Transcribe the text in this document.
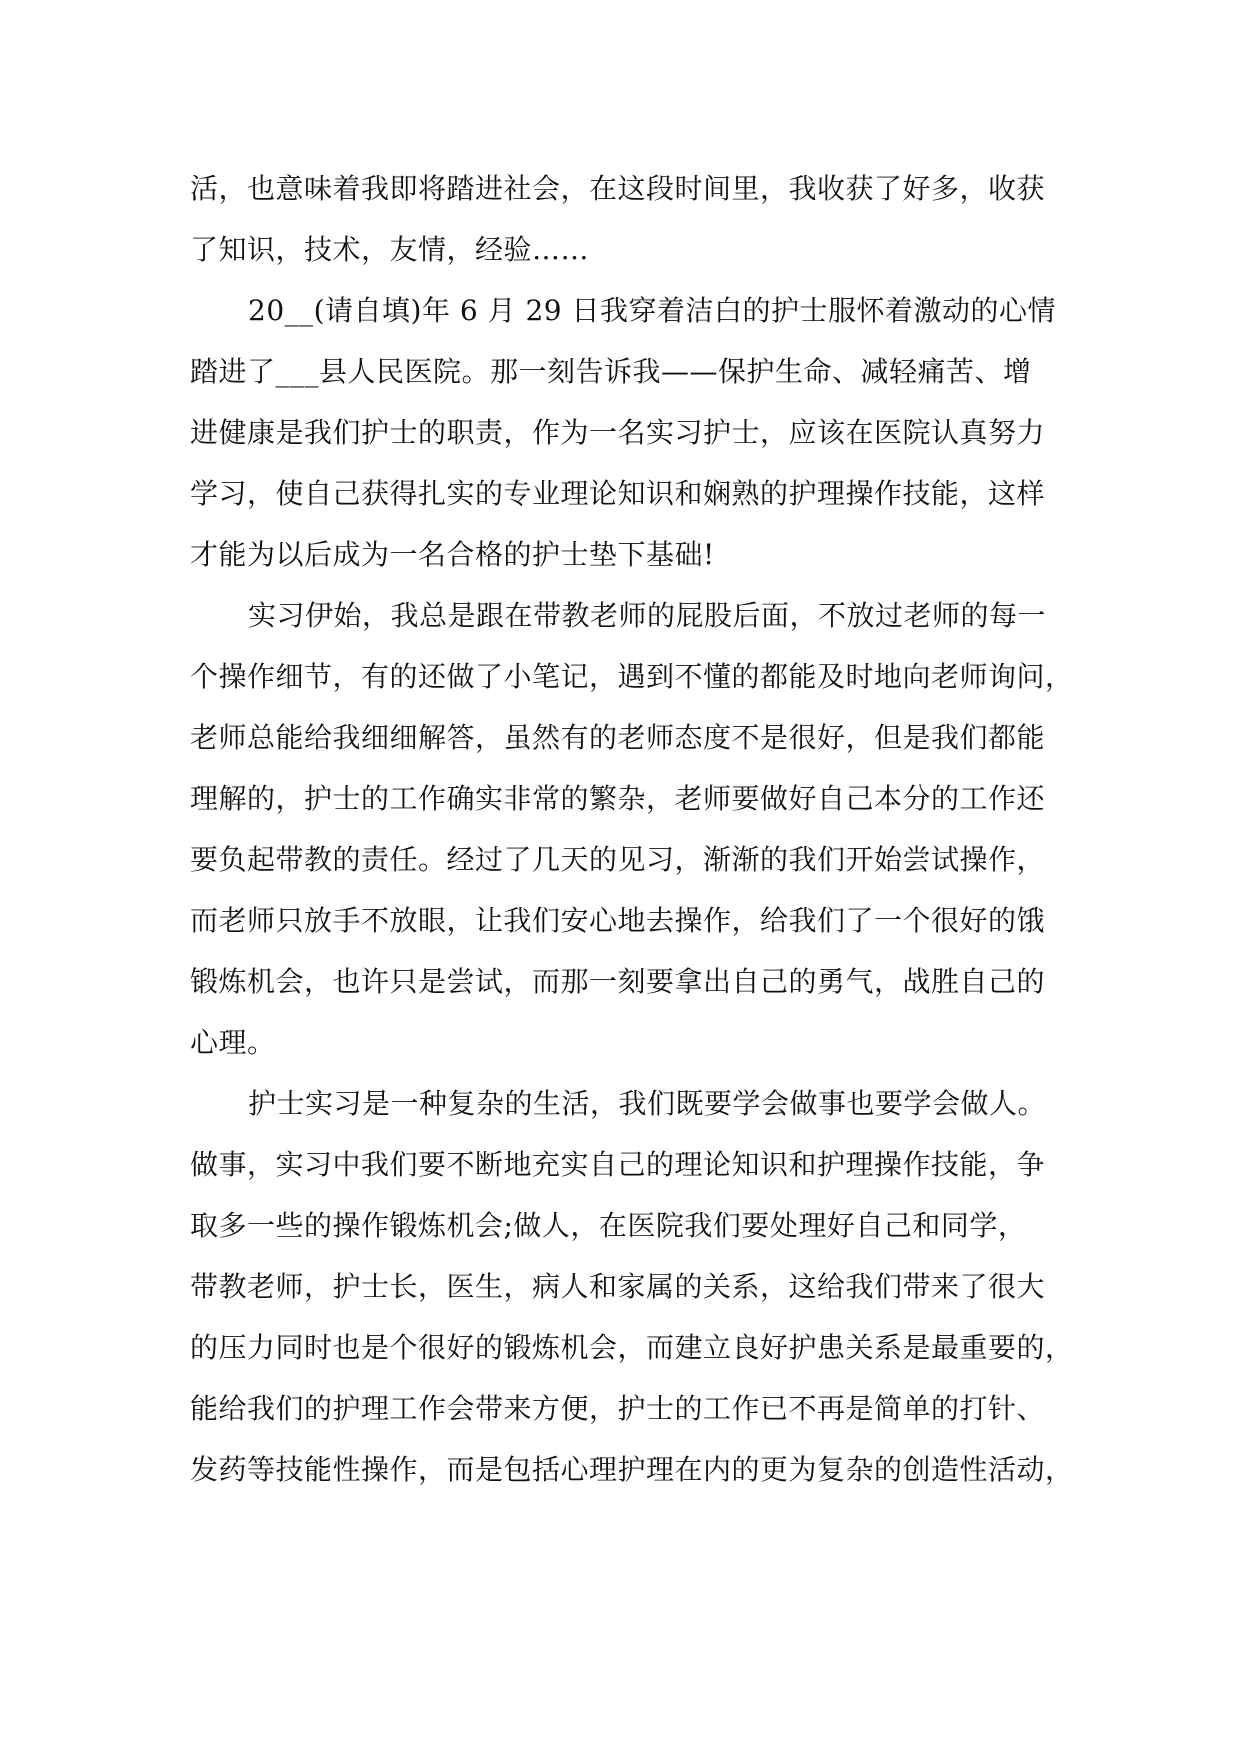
活，也意味着我即将踏进社会，在这段时间里，我收获了好多，收获
了知识，技术，友情，经验……
20__(请自填)年 6 月 29 日我穿着洁白的护士服怀着激动的心情
踏进了___县人民医院。那一刻告诉我——保护生命、减轻痛苦、增
进健康是我们护士的职责，作为一名实习护士，应该在医院认真努力
学习，使自己获得扎实的专业理论知识和娴熟的护理操作技能，这样
才能为以后成为一名合格的护士垫下基础!
实习伊始，我总是跟在带教老师的屁股后面，不放过老师的每一
个操作细节，有的还做了小笔记，遇到不懂的都能及时地向老师询问，
老师总能给我细细解答，虽然有的老师态度不是很好，但是我们都能
理解的，护士的工作确实非常的繁杂，老师要做好自己本分的工作还
要负起带教的责任。经过了几天的见习，渐渐的我们开始尝试操作，
而老师只放手不放眼，让我们安心地去操作，给我们了一个很好的饿
锻炼机会，也许只是尝试，而那一刻要拿出自己的勇气，战胜自己的
心理。
护士实习是一种复杂的生活，我们既要学会做事也要学会做人。
做事，实习中我们要不断地充实自己的理论知识和护理操作技能，争
取多一些的操作锻炼机会;做人，在医院我们要处理好自己和同学，
带教老师，护士长，医生，病人和家属的关系，这给我们带来了很大
的压力同时也是个很好的锻炼机会，而建立良好护患关系是最重要的，
能给我们的护理工作会带来方便，护士的工作已不再是简单的打针、
发药等技能性操作，而是包括心理护理在内的更为复杂的创造性活动，
